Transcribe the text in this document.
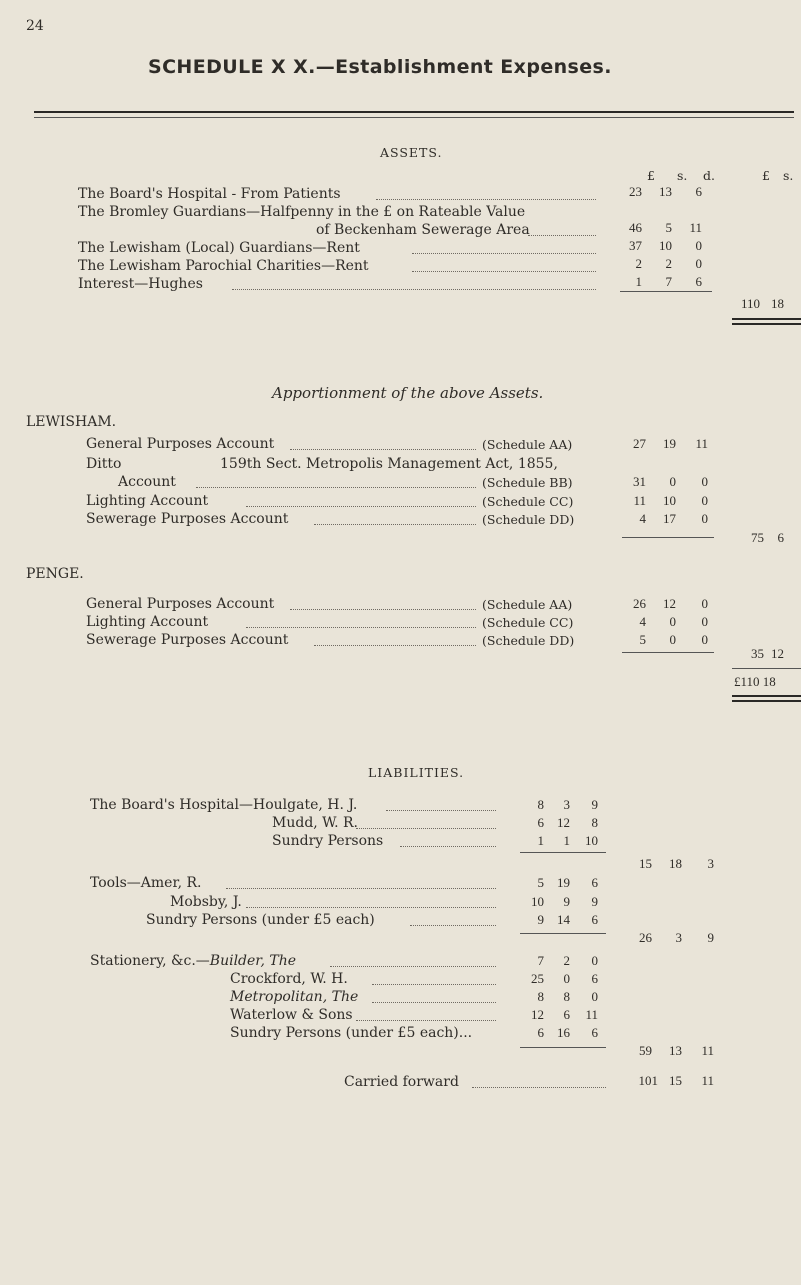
24
SCHEDULE X X.—Establishment Expenses.
ASSETS.
£ s. d.	£ s.
The Board's Hospital - From Patients	23	13	6
The Bromley Guardians—Halfpenny in the £ on Rateable Value
of Beckenham Sewerage Area	46	5	11
The Lewisham (Local) Guardians—Rent	37	10	0
The Lewisham Parochial Charities—Rent	2	2	0
Interest—Hughes	1	7	6
110 18
Apportionment of the above Assets.
LEWISHAM.
General Purposes Account	(Schedule AA)	27	19	11
Ditto	159th Sect. Metropolis Management Act, 1855,
Account	(Schedule BB)	31	0	0
Lighting Account	(Schedule CC)	11	10	0
Sewerage Purposes Account	(Schedule DD)	4	17	0
75	6
PENGE.
General Purposes Account	(Schedule AA)	26	12	0
Lighting Account	(Schedule CC)	4	0	0
Sewerage Purposes Account	(Schedule DD)	5	0	0
35 12
£110 18
LIABILITIES.
The Board's Hospital—Houlgate, H. J.	8	3	9
Mudd, W. R.	6	12	8
Sundry Persons	1	1	10
15	18	3
Tools—Amer, R.	5	19	6
Mobsby, J.	10	9	9
Sundry Persons (under £5 each)	9	14	6
26	3	9
Stationery, &c.—Builder, The	7	2	0
Crockford, W. H.	25	0	6
Metropolitan, The	8	8	0
Waterlow & Sons	12	6	11
Sundry Persons (under £5 each)...	6	16	6
59	13	11
Carried forward	101 15	11
